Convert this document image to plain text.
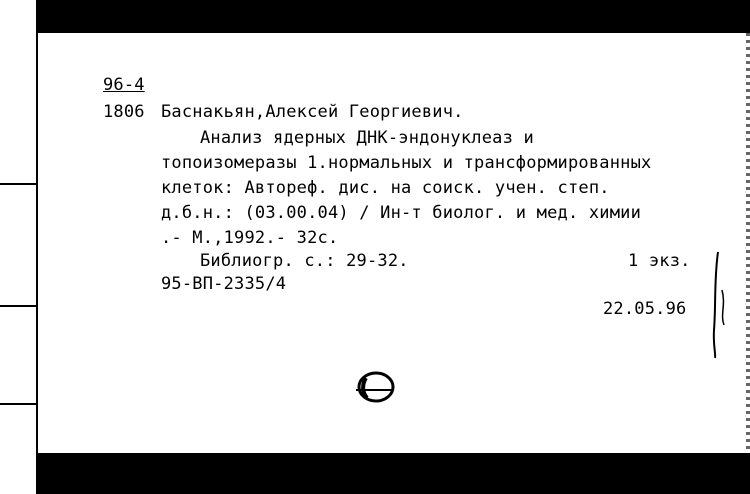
96-4
1806 Баснакьян,Алексей Георгиевич.
Анализ ядерных ДНК-эндонуклеаз и
топоизомеразы 1.нормальных и трансформированных
клеток: Автореф. дис. на соиск. учен. степ.
д.б.н.: (03.00.04) / Ин-т биолог. и мед. химии
.- М.,1992.- 32с.
Библиогр. с.: 29-32.	1 экз.
95-ВП-2335/4
22.05.96
